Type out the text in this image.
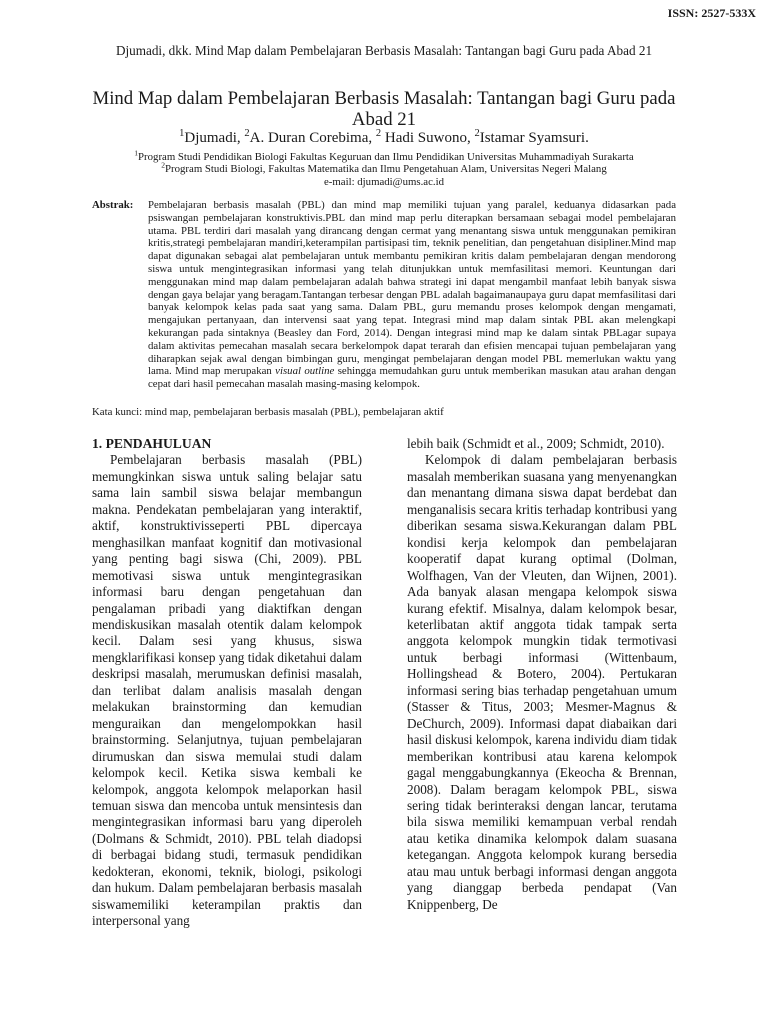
ISSN: 2527-533X
Djumadi, dkk. Mind Map dalam Pembelajaran Berbasis Masalah: Tantangan bagi Guru pada Abad 21
Mind Map dalam Pembelajaran Berbasis Masalah: Tantangan bagi Guru pada Abad 21
$^1$Djumadi, $^2$A. Duran Corebima, $^2$ Hadi Suwono, $^2$Istamar Syamsuri.
$^1$Program Studi Pendidikan Biologi Fakultas Keguruan dan Ilmu Pendidikan Universitas Muhammadiyah Surakarta
$^2$Program Studi Biologi, Fakultas Matematika dan Ilmu Pengetahuan Alam, Universitas Negeri Malang
e-mail: djumadi@ums.ac.id
Abstrak: Pembelajaran berbasis masalah (PBL) dan mind map memiliki tujuan yang paralel, keduanya didasarkan pada psiswangan pembelajaran konstruktivis.PBL dan mind map perlu diterapkan bersamaan sebagai model pembelajaran utama. PBL terdiri dari masalah yang dirancang dengan cermat yang menantang siswa untuk menggunakan pemikiran kritis,strategi pembelajaran mandiri,keterampilan partisipasi tim, teknik penelitian, dan pengetahuan disipliner.Mind map dapat digunakan sebagai alat pembelajaran untuk membantu pemikiran kritis dalam pembelajaran dengan mendorong siswa untuk mengintegrasikan informasi yang telah ditunjukkan untuk memfasilitasi memori. Keuntungan dari menggunakan mind map dalam pembelajaran adalah bahwa strategi ini dapat mengambil manfaat lebih banyak siswa dengan gaya belajar yang beragam.Tantangan terbesar dengan PBL adalah bagaimanaupaya guru dapat memfasilitasi dari banyak kelompok kelas pada saat yang sama. Dalam PBL, guru memandu proses kelompok dengan mengamati, mengajukan pertanyaan, dan intervensi saat yang tepat. Integrasi mind map dalam sintak PBL akan melengkapi kekurangan pada sintaknya (Beasley dan Ford, 2014). Dengan integrasi mind map ke dalam sintak PBLagar supaya dalam aktivitas pemecahan masalah secara berkelompok dapat terarah dan efisien mencapai tujuan pembelajaran yang diharapkan sejak awal dengan bimbingan guru, mengingat pembelajaran dengan model PBL memerlukan waktu yang lama. Mind map merupakan visual outline sehingga memudahkan guru untuk memberikan masukan atau arahan dengan cepat dari hasil pemecahan masalah masing-masing kelompok.
Kata kunci: mind map, pembelajaran berbasis masalah (PBL), pembelajaran aktif

1. PENDAHULUAN

Pembelajaran berbasis masalah (PBL) memungkinkan siswa untuk saling belajar satu sama lain sambil siswa belajar membangun makna. Pendekatan pembelajaran yang interaktif, aktif, konstruktivisseperti PBL dipercaya menghasilkan manfaat kognitif dan motivasional yang penting bagi siswa (Chi, 2009). PBL memotivasi siswa untuk mengintegrasikan informasi baru dengan pengetahuan dan pengalaman pribadi yang diaktifkan dengan mendiskusikan masalah otentik dalam kelompok kecil. Dalam sesi yang khusus, siswa mengklarifikasi konsep yang tidak diketahui dalam deskripsi masalah, merumuskan definisi masalah, dan terlibat dalam analisis masalah dengan melakukan brainstorming dan kemudian menguraikan dan mengelompokkan hasil brainstorming. Selanjutnya, tujuan pembelajaran dirumuskan dan siswa memulai studi dalam kelompok kecil. Ketika siswa kembali ke kelompok, anggota kelompok melaporkan hasil temuan siswa dan mencoba untuk mensintesis dan mengintegrasikan informasi baru yang diperoleh (Dolmans & Schmidt, 2010). PBL telah diadopsi di berbagai bidang studi, termasuk pendidikan kedokteran, ekonomi, teknik, biologi, psikologi dan hukum. Dalam pembelajaran berbasis masalah siswamemiliki keterampilan praktis dan interpersonal yang

lebih baik (Schmidt et al., 2009; Schmidt, 2010).

Kelompok di dalam pembelajaran berbasis masalah memberikan suasana yang menyenangkan dan menantang dimana siswa dapat berdebat dan menganalisis secara kritis terhadap kontribusi yang diberikan sesama siswa.Kekurangan dalam PBL kondisi kerja kelompok dan pembelajaran kooperatif dapat kurang optimal (Dolman, Wolfhagen, Van der Vleuten, dan Wijnen, 2001). Ada banyak alasan mengapa kelompok siswa kurang efektif. Misalnya, dalam kelompok besar, keterlibatan aktif anggota tidak tampak serta anggota kelompok mungkin tidak termotivasi untuk berbagi informasi (Wittenbaum, Hollingshead & Botero, 2004). Pertukaran informasi sering bias terhadap pengetahuan umum (Stasser & Titus, 2003; Mesmer-Magnus & DeChurch, 2009). Informasi dapat diabaikan dari hasil diskusi kelompok, karena individu diam tidak memberikan kontribusi atau karena kelompok gagal menggabungkannya (Ekeocha & Brennan, 2008). Dalam beragam kelompok PBL, siswa sering tidak berinteraksi dengan lancar, terutama bila siswa memiliki kemampuan verbal rendah atau ketika dinamika kelompok dalam suasana ketegangan. Anggota kelompok kurang bersedia atau mau untuk berbagi informasi dengan anggota yang dianggap berbeda pendapat (Van Knippenberg, De
